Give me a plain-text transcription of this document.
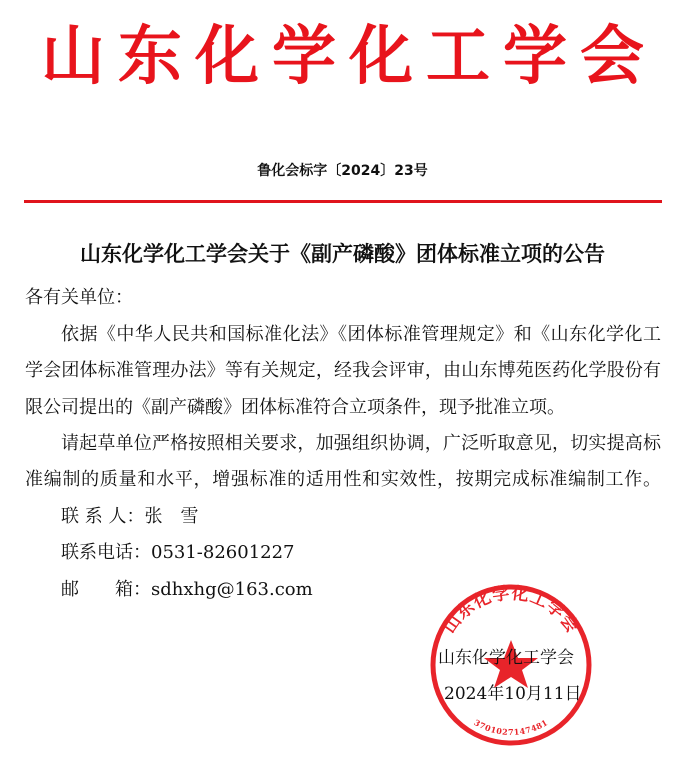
山东化学化工学会
鲁化会标字〔2024〕23号
山东化学化工学会关于《副产磷酸》团体标准立项的公告
各有关单位：
依据《中华人民共和国标准化法》《团体标准管理规定》和《山东化学化工
学会团体标准管理办法》等有关规定，经我会评审，由山东博苑医药化学股份有
限公司提出的《副产磷酸》团体标准符合立项条件，现予批准立项。
请起草单位严格按照相关要求，加强组织协调，广泛听取意见，切实提高标
准编制的质量和水平，增强标准的适用性和实效性，按期完成标准编制工作。
联 系 人：张　雪
联系电话：0531-82601227
邮　　箱：sdhxhg@163.com
山东化学化工学会
3701027147481
山东化学化工学会
2024年10月11日
